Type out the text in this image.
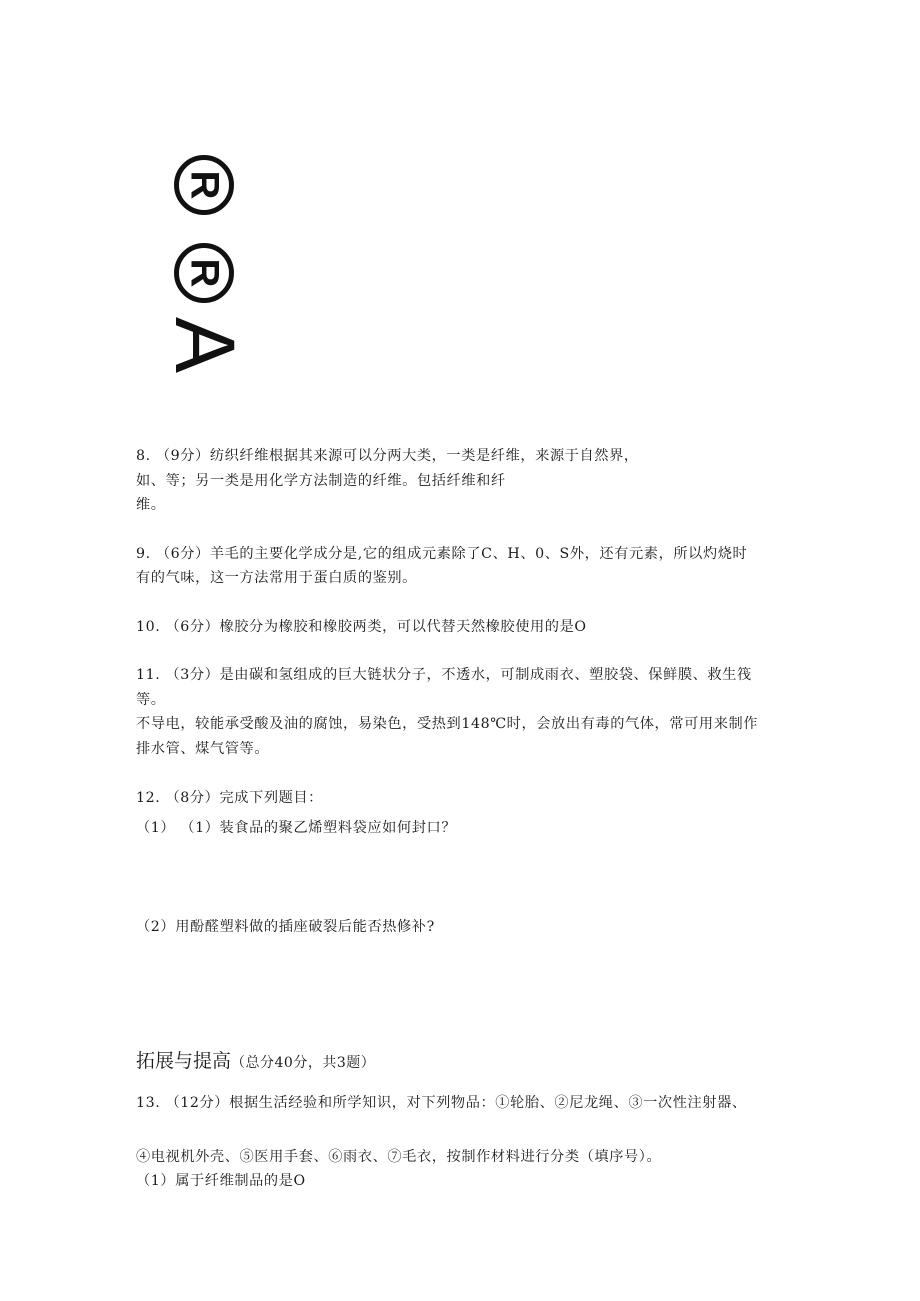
R
R
A
8. （9分）纺织纤维根据其来源可以分两大类，一类是纤维，来源于自然界，
如、等；另一类是用化学方法制造的纤维。包括纤维和纤
维。
9. （6分）羊毛的主要化学成分是,它的组成元素除了C、H、0、S外，还有元素，所以灼烧时
有的气味，这一方法常用于蛋白质的鉴别。
10. （6分）橡胶分为橡胶和橡胶两类，可以代替天然橡胶使用的是O
11. （3分）是由碳和氢组成的巨大链状分子，不透水，可制成雨衣、塑胶袋、保鲜膜、救生筏
等。
不导电，较能承受酸及油的腐蚀，易染色，受热到148℃时，会放出有毒的气体，常可用来制作
排水管、煤气管等。
12. （8分）完成下列题目：
（1） （1）装食品的聚乙烯塑料袋应如何封口？
（2）用酚醛塑料做的插座破裂后能否热修补?
拓展与提高（总分40分，共3题）
13. （12分）根据生活经验和所学知识，对下列物品：①轮胎、②尼龙绳、③一次性注射器、
④电视机外壳、⑤医用手套、⑥雨衣、⑦毛衣，按制作材料进行分类（填序号）。
（1）属于纤维制品的是O
